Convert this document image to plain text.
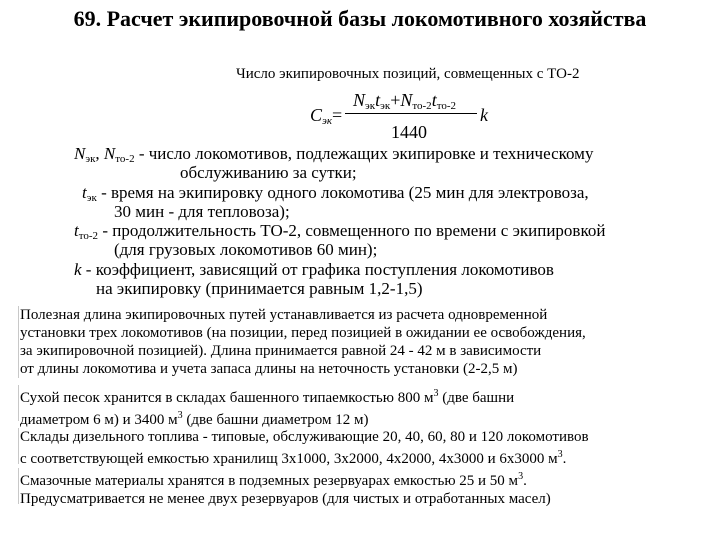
69. Расчет экипировочной базы локомотивного хозяйства
Число экипировочных позиций, совмещенных с ТО-2
$C_{эк}$ =
$N_{эк}t_{эк}+N_{то-2}t_{то-2}$ k
1440
$N_{эк}$, $N_{то-2}$ - число локомотивов, подлежащих экипировке и техническому
обслуживанию за сутки;
$t_{эк}$ - время на экипировку одного локомотива (25 мин для электровоза,
30 мин - для тепловоза);
$t_{то-2}$ - продолжительность ТО-2, совмещенного по времени с экипировкой
(для грузовых локомотивов 60 мин);
k - коэффициент, зависящий от графика поступления локомотивов
на экипировку (принимается равным 1,2-1,5)
Полезная длина экипировочных путей устанавливается из расчета одновременной
установки трех локомотивов (на позиции, перед позицией в ожидании ее освобождения,
за экипировочной позицией). Длина принимается равной 24 - 42 м в зависимости
от длины локомотива и учета запаса длины на неточность установки (2-2,5 м)
Сухой песок хранится в складах башенного типаемкостью 800 $м^3$ (две башни
диаметром 6 м) и 3400 $м^3$ (две башни диаметром 12 м)
Склады дизельного топлива - типовые, обслуживающие 20, 40, 60, 80 и 120 локомотивов
с соответствующей емкостью хранилищ 3х1000, 3х2000, 4х2000, 4х3000 и 6х3000 $м^3$.
Смазочные материалы хранятся в подземных резервуарах емкостью 25 и 50 $м^3$.
Предусматривается не менее двух резервуаров (для чистых и отработанных масел)
